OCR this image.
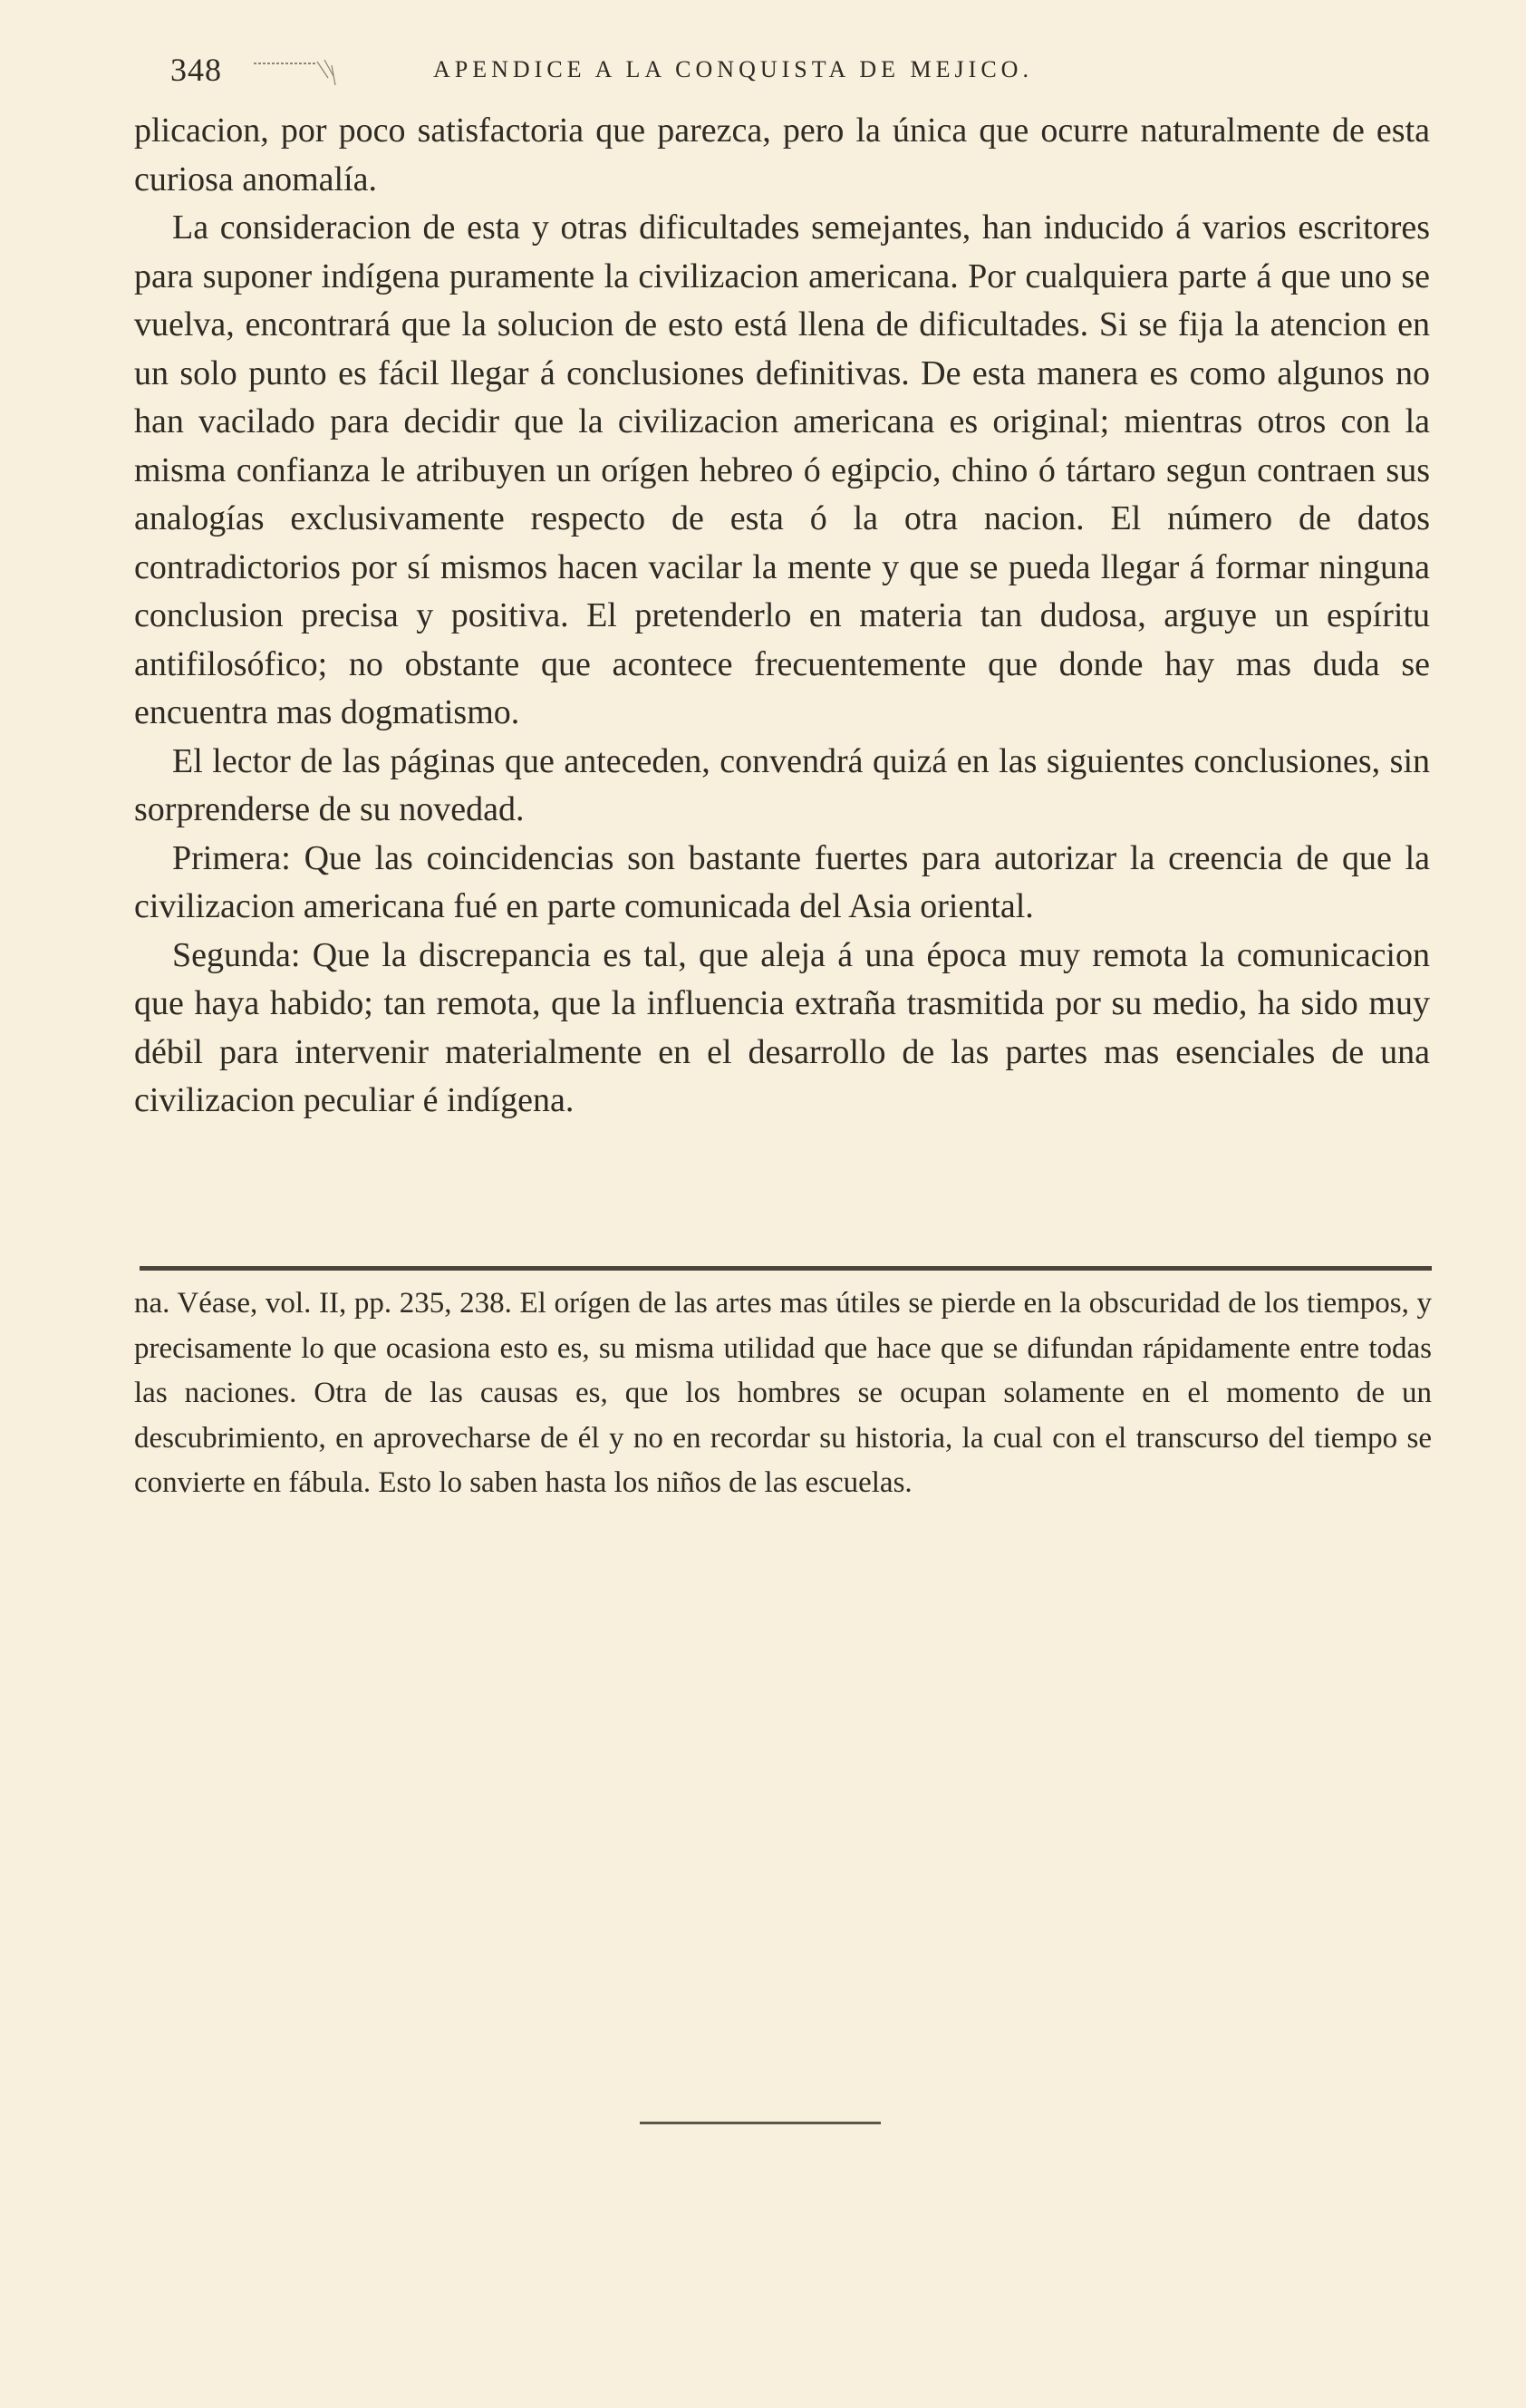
348	APENDICE A LA CONQUISTA DE MEJICO.

plicacion, por poco satisfactoria que parezca, pero la única que ocurre naturalmente de esta curiosa anomalía.

La consideracion de esta y otras dificultades semejantes, han inducido á varios escritores para suponer indígena puramente la civilizacion americana. Por cualquiera parte á que uno se vuelva, encontrará que la solucion de esto está llena de dificultades. Si se fija la atencion en un solo punto es fácil llegar á conclusiones definitivas. De esta manera es como algunos no han vacilado para decidir que la civilizacion americana es original; mientras otros con la misma confianza le atribuyen un orígen hebreo ó egipcio, chino ó tártaro segun contraen sus analogías exclusivamente respecto de esta ó la otra nacion. El número de datos contradictorios por sí mismos hacen vacilar la mente y que se pueda llegar á formar ninguna conclusion precisa y positiva. El pretenderlo en materia tan dudosa, arguye un espíritu antifilosófico; no obstante que acontece frecuentemente que donde hay mas duda se encuentra mas dogmatismo.

El lector de las páginas que anteceden, convendrá quizá en las siguientes conclusiones, sin sorprenderse de su novedad.

Primera: Que las coincidencias son bastante fuertes para autorizar la creencia de que la civilizacion americana fué en parte comunicada del Asia oriental.

Segunda: Que la discrepancia es tal, que aleja á una época muy remota la comunicacion que haya habido; tan remota, que la influencia extraña trasmitida por su medio, ha sido muy débil para intervenir materialmente en el desarrollo de las partes mas esenciales de una civilizacion peculiar é indígena.

na. Véase, vol. II, pp. 235, 238. El orígen de las artes mas útiles se pierde en la obscuridad de los tiempos, y precisamente lo que ocasiona esto es, su misma utilidad que hace que se difundan rápidamente entre todas las naciones. Otra de las causas es, que los hombres se ocupan solamente en el momento de un descubrimiento, en aprovecharse de él y no en recordar su historia, la cual con el transcurso del tiempo se convierte en fábula. Esto lo saben hasta los niños de las escuelas.
